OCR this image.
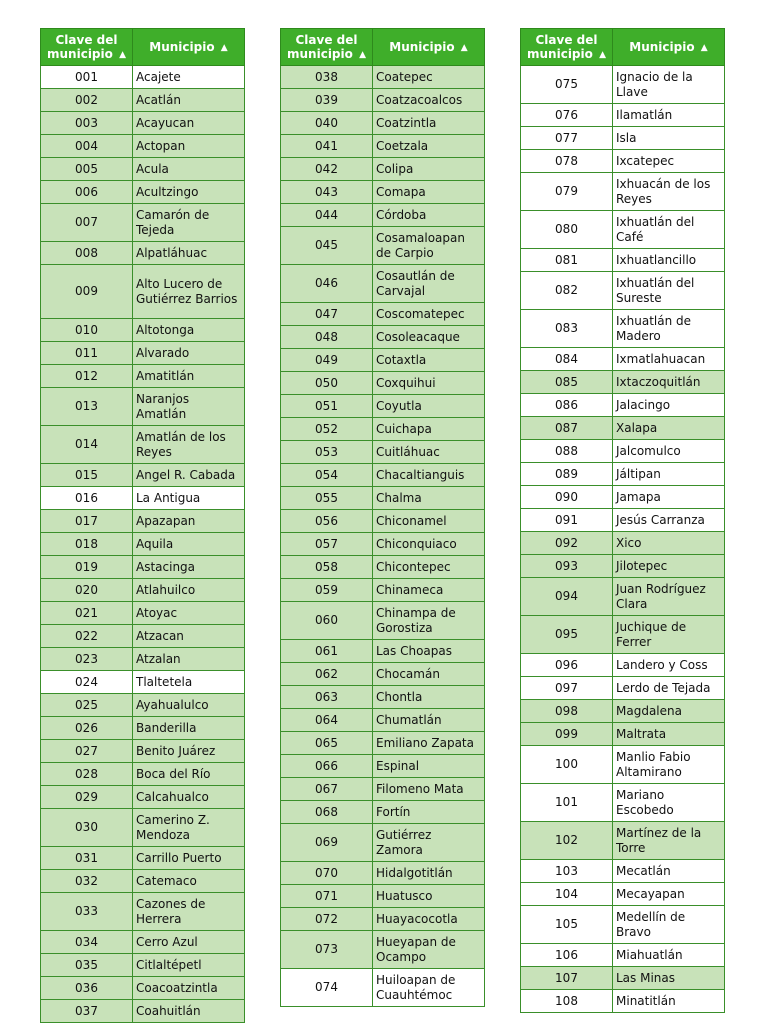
Clave del municipio ▲︎	Municipio ▲︎
001	Acajete
002	Acatlán
003	Acayucan
004	Actopan
005	Acula
006	Acultzingo
007	Camarón de Tejeda
008	Alpatláhuac
009	Alto Lucero de Gutiérrez Barrios
010	Altotonga
011	Alvarado
012	Amatitlán
013	Naranjos Amatlán
014	Amatlán de los Reyes
015	Angel R. Cabada
016	La Antigua
017	Apazapan
018	Aquila
019	Astacinga
020	Atlahuilco
021	Atoyac
022	Atzacan
023	Atzalan
024	Tlaltetela
025	Ayahualulco
026	Banderilla
027	Benito Juárez
028	Boca del Río
029	Calcahualco
030	Camerino Z. Mendoza
031	Carrillo Puerto
032	Catemaco
033	Cazones de Herrera
034	Cerro Azul
035	Citlaltépetl
036	Coacoatzintla
037	Coahuitlán
Clave del municipio ▲︎	Municipio ▲︎
038	Coatepec
039	Coatzacoalcos
040	Coatzintla
041	Coetzala
042	Colipa
043	Comapa
044	Córdoba
045	Cosamaloapan de Carpio
046	Cosautlán de Carvajal
047	Coscomatepec
048	Cosoleacaque
049	Cotaxtla
050	Coxquihui
051	Coyutla
052	Cuichapa
053	Cuitláhuac
054	Chacaltianguis
055	Chalma
056	Chiconamel
057	Chiconquiaco
058	Chicontepec
059	Chinameca
060	Chinampa de Gorostiza
061	Las Choapas
062	Chocamán
063	Chontla
064	Chumatlán
065	Emiliano Zapata
066	Espinal
067	Filomeno Mata
068	Fortín
069	Gutiérrez Zamora
070	Hidalgotitlán
071	Huatusco
072	Huayacocotla
073	Hueyapan de Ocampo
074	Huiloapan de Cuauhtémoc
Clave del municipio ▲︎	Municipio ▲︎
075	Ignacio de la Llave
076	Ilamatlán
077	Isla
078	Ixcatepec
079	Ixhuacán de los Reyes
080	Ixhuatlán del Café
081	Ixhuatlancillo
082	Ixhuatlán del Sureste
083	Ixhuatlán de Madero
084	Ixmatlahuacan
085	Ixtaczoquitlán
086	Jalacingo
087	Xalapa
088	Jalcomulco
089	Jáltipan
090	Jamapa
091	Jesús Carranza
092	Xico
093	Jilotepec
094	Juan Rodríguez Clara
095	Juchique de Ferrer
096	Landero y Coss
097	Lerdo de Tejada
098	Magdalena
099	Maltrata
100	Manlio Fabio Altamirano
101	Mariano Escobedo
102	Martínez de la Torre
103	Mecatlán
104	Mecayapan
105	Medellín de Bravo
106	Miahuatlán
107	Las Minas
108	Minatitlán
